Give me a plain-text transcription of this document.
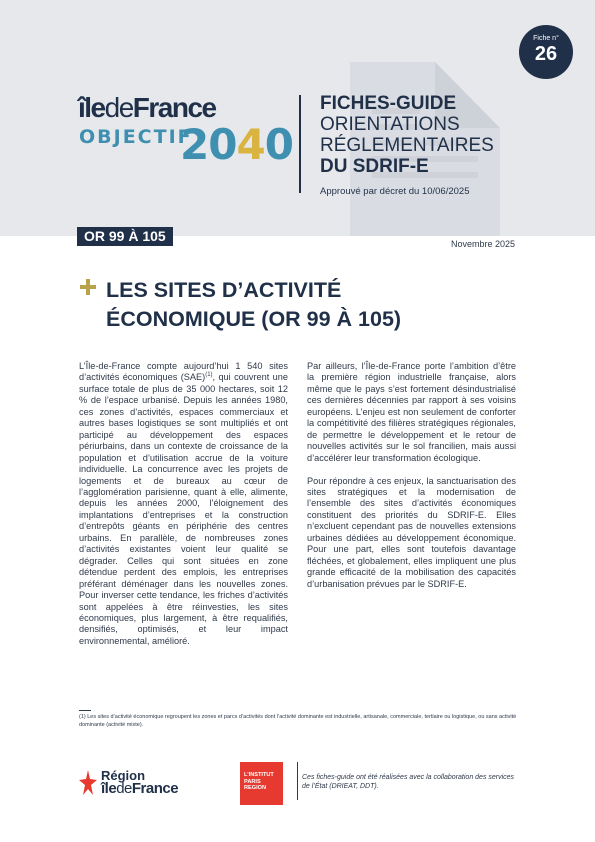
Fiche n°
26
îledeFrance
OBJECTIF
2040
FICHES-GUIDE
ORIENTATIONS
RÉGLEMENTAIRES
DU SDRIF-E
Approuvé par décret du 10/06/2025
OR 99 À 105	Novembre 2025
LES SITES D’ACTIVITÉ
ÉCONOMIQUE (OR 99 À 105)

L’Île-de-France compte aujourd’hui 1 540 sites d’activités économiques (SAE)$^{(1)}$, qui couvrent une surface totale de plus de 35 000 hectares, soit 12 % de l’espace urbanisé. Depuis les années 1980, ces zones d’activités, espaces commerciaux et autres bases logistiques se sont multipliés et ont participé au développement des espaces périurbains, dans un contexte de croissance de la population et d’utilisation accrue de la voiture individuelle. La concurrence avec les projets de logements et de bureaux au cœur de l’agglomération parisienne, quant à elle, alimente, depuis les années 2000, l’éloignement des implantations d’entreprises et la construction d’entrepôts géants en périphérie des centres urbains. En parallèle, de nombreuses zones d’activités existantes voient leur qualité se dégrader. Celles qui sont situées en zone détendue perdent des emplois, les entreprises préférant déménager dans les nouvelles zones. Pour inverser cette tendance, les friches d’activités sont appelées à être réinvesties, les sites économiques, plus largement, à être requalifiés, densifiés, optimisés, et leur impact environnemental, amélioré.

Par ailleurs, l’Île-de-France porte l’ambition d’être la première région industrielle française, alors même que le pays s’est fortement désindustrialisé ces dernières décennies par rapport à ses voisins européens. L’enjeu est non seulement de conforter la compétitivité des filières stratégiques régionales, de permettre le développement et le retour de nouvelles activités sur le sol francilien, mais aussi d’accélérer leur transformation écologique.

Pour répondre à ces enjeux, la sanctuarisation des sites stratégiques et la modernisation de l’ensemble des sites d’activités économiques constituent des priorités du SDRIF-E. Elles n’excluent cependant pas de nouvelles extensions urbaines dédiées au développement économique. Pour une part, elles sont toutefois davantage fléchées, et globalement, elles impliquent une plus grande efficacité de la mobilisation des capacités d’urbanisation prévues par le SDRIF-E.

(1) Les sites d’activité économique regroupent les zones et parcs d’activités dont l’activité dominante est industrielle, artisanale, commerciale, tertiaire ou logistique, ou sans activité dominante (activité mixte).
Région
îledeFrance
L’INSTITUT PARIS REGION
Ces fiches-guide ont été réalisées avec la collaboration des services de l’État (DRIEAT, DDT).
